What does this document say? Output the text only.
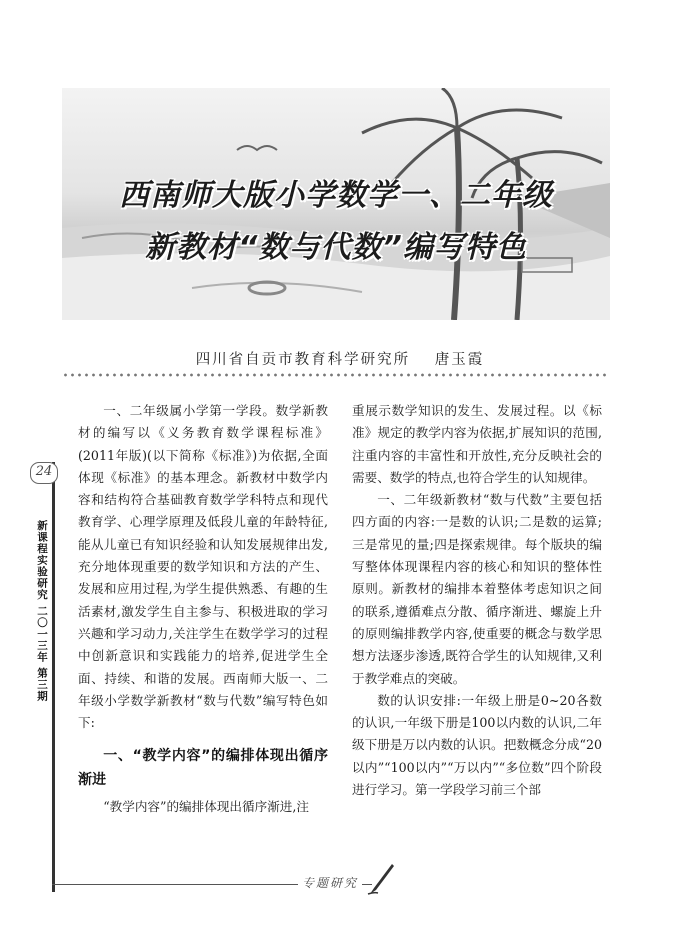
西南师大版小学数学一、二年级
新教材“数与代数”编写特色
四川省自贡市教育科学研究所 唐玉霞
24
新课程实验研究 二〇一三年 第三期

一、二年级属小学第一学段。数学新教材的编写以《义务教育数学课程标准》(2011年版)(以下简称《标准》)为依据,全面体现《标准》的基本理念。新教材中数学内容和结构符合基础教育数学学科特点和现代教育学、心理学原理及低段儿童的年龄特征,能从儿童已有知识经验和认知发展规律出发,充分地体现重要的数学知识和方法的产生、发展和应用过程,为学生提供熟悉、有趣的生活素材,激发学生自主参与、积极进取的学习兴趣和学习动力,关注学生在数学学习的过程中创新意识和实践能力的培养,促进学生全面、持续、和谐的发展。西南师大版一、二年级小学数学新教材“数与代数”编写特色如下:

一、“教学内容”的编排体现出循序渐进

“教学内容”的编排体现出循序渐进,注

重展示数学知识的发生、发展过程。以《标准》规定的教学内容为依据,扩展知识的范围,注重内容的丰富性和开放性,充分反映社会的需要、数学的特点,也符合学生的认知规律。

一、二年级新教材“数与代数”主要包括四方面的内容:一是数的认识;二是数的运算;三是常见的量;四是探索规律。每个版块的编写整体体现课程内容的核心和知识的整体性原则。新教材的编排本着整体考虑知识之间的联系,遵循难点分散、循序渐进、螺旋上升的原则编排教学内容,使重要的概念与数学思想方法逐步渗透,既符合学生的认知规律,又利于教学难点的突破。

数的认识安排:一年级上册是0~20各数的认识,一年级下册是100以内数的认识,二年级下册是万以内数的认识。把数概念分成“20以内”“100以内”“万以内”“多位数”四个阶段进行学习。第一学段学习前三个部

专题研究
